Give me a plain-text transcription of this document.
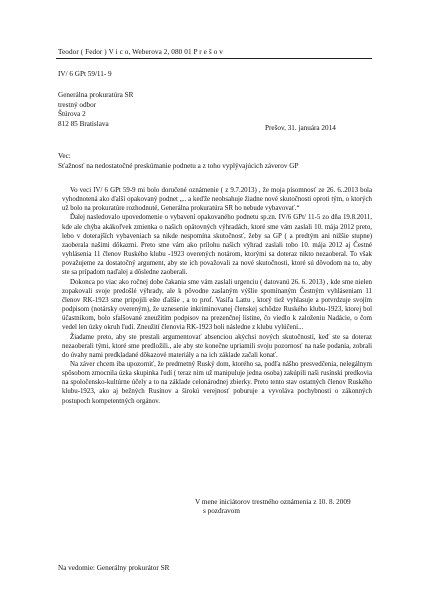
Teodor ( Fedor ) V i c o, Weberova 2, 080 01 P r e š o v
IV/ 6 GPt 59/11- 9
Generálna prokuratúra SR
trestný odbor
Štúrova 2
812 85 Bratislava
Prešov, 31. januára 2014
Vec:
Sťažnosť na nedostatočné preskúmanie podnetu a z toho vyplývajúcich záverov GP

Vo veci IV/ 6 GPt 59-9 mi bolo doručené oznámenie ( z 9.7.2013) , že moja písomnosť ze 26. 6..2013 bola vyhodnotená ako ďalší opakovaný podnet „.. a keďže neobsahuje žiadne nové skutočnosti oproti tým, o ktorých už bolo na prokuratúre rozhodnuté, Generálna prokuratúra SR ho nebude vybavovať.“

Ďalej nasledovalo upovedomenie o vybavení opakovaného podnetu sp.zn. IV/6 GPt/ 11-5 zo dňa 19.8.2011, kde ale chýba akákoľvek zmienka o našich opätovných výhradách, ktoré sme vám zaslali 10. mája 2012 preto, lebo v doterajších vybaveniach sa nikde nespomína skutočnosť, žeby sa GP ( a predtým ani nižšie stupne) zaoberala našimi dôkazmi. Preto sme vám ako prílohu našich výhrad zaslali tobo 10. mája 2012 aj Čestné vyhlásenia 11 členov Ruského klubu -1923 overených notárom, ktorými sa doteraz nikto nezaoberal. To však považujeme za dostatočný argument, aby ste ich považovali za nové skutočnosti, ktoré sú dôvodom na to, aby ste sa prípadom naďalej a dôsledne zaoberali.

Dokonca po viac ako ročnej dobe čakania sme vám zaslali urgenciu ( datovanú 26. 6. 2013) , kde sme nielen zopakovali svoje predošlé výhrady, ale k pôvodne zaslaným výšlie spomínaným Čestným vyhláseniam 11 členov RK-1923 sme pripojili ešte ďalšie , a to prof. Vasiľa Lattu , ktorý tiež vyhlasuje a potvrdzuje svojím podpisom (notársky overeným), že uznesenie inkriminovanej členskej schôdze Ruského klubu-1923, ktorej bol účastníkom, bolo sfalšované zneužitím podpisov na prezenčnej listine, čo viedlo k založeniu Nadácie, o čom vedel len úzky okruh ľudí. Zneužití členovia RK-1923 boli následne z klubu vylúčení...

Žiadame preto, aby ste prestali argumentovať absenciou akýchsi nových skutočností, keď ste sa doteraz nezaoberali tými, ktoré sme predložili., ale aby ste konečne upriamili svoju pozornosť na naše podania, zobrali do úvahy nami predkladané dôkazové materiály a na ich základe začali konať.

Na záver chcem iba upozorniť, že predmetný Ruský dom, ktorého sa, podľa nášho presvedčenia, nelegálnym spôsobom zmocnila úzka skupinka ľudí ( teraz nim už manipuluje jedna osoba) zakúpili naši rusínski predkovia na spoločensko-kultúrne účely a to na základe celonárodnej zbierky. Preto tento stav ostatných členov Ruského klubu-1923, ako aj bežných Rusínov a širokú verejnosť poburuje a vyvoláva pochybnosti o zákonných postupoch kompetentných orgánov.

V mene iniciátorov trestného oznámenia z 10. 8. 2009
s pozdravom
Na vedomie: Generálny prokurátor SR
